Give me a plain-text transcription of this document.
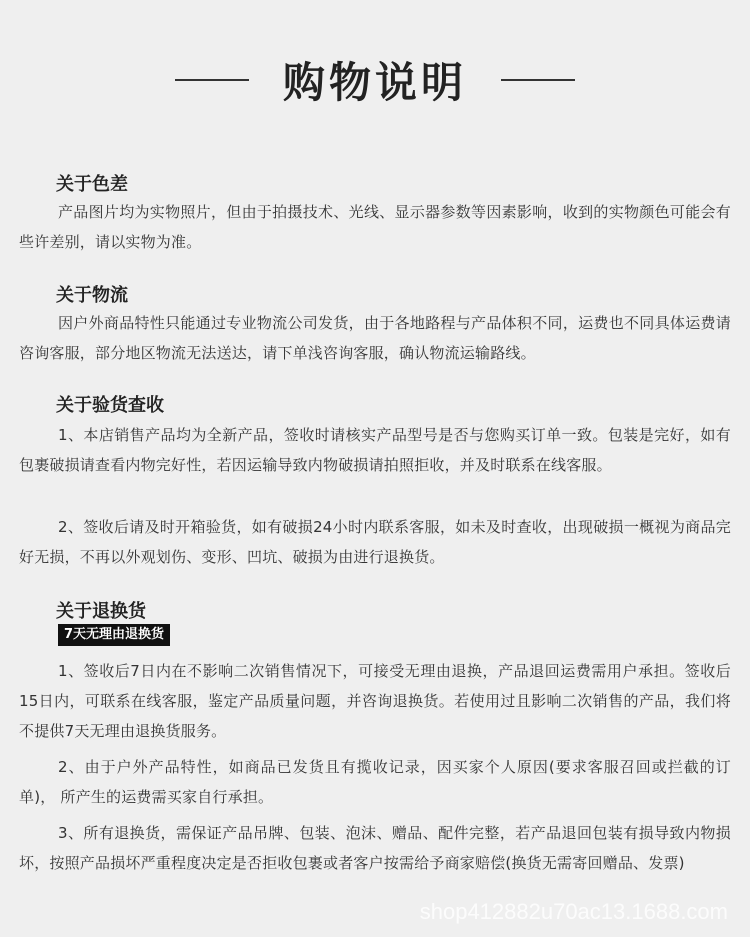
购物说明
关于色差
产品图片均为实物照片，但由于拍摄技术、光线、显示器参数等因素影响，收到的实物颜色可能会有些许差别，请以实物为准。
关于物流
因户外商品特性只能通过专业物流公司发货，由于各地路程与产品体积不同，运费也不同具体运费请咨询客服，部分地区物流无法送达，请下单浅咨询客服，确认物流运输路线。
关于验货查收
1、本店销售产品均为全新产品，签收时请核实产品型号是否与您购买订单一致。包装是完好，如有包裹破损请查看内物完好性，若因运输导致内物破损请拍照拒收，并及时联系在线客服。
2、签收后请及时开箱验货，如有破损24小时内联系客服，如未及时查收，出现破损一概视为商品完好无损，不再以外观划伤、变形、凹坑、破损为由进行退换货。
关于退换货
7天无理由退换货
1、签收后7日内在不影响二次销售情况下，可接受无理由退换，产品退回运费需用户承担。签收后15日内，可联系在线客服，鉴定产品质量问题，并咨询退换货。若使用过且影响二次销售的产品，我们将不提供7天无理由退换货服务。
2、由于户外产品特性，如商品已发货且有揽收记录，因买家个人原因(要求客服召回或拦截的订单)， 所产生的运费需买家自行承担。
3、所有退换货，需保证产品吊牌、包装、泡沫、赠品、配件完整，若产品退回包装有损导致内物损坏，按照产品损坏严重程度决定是否拒收包裹或者客户按需给予商家赔偿(换货无需寄回赠品、发票)
shop412882u70ac13.1688.com
